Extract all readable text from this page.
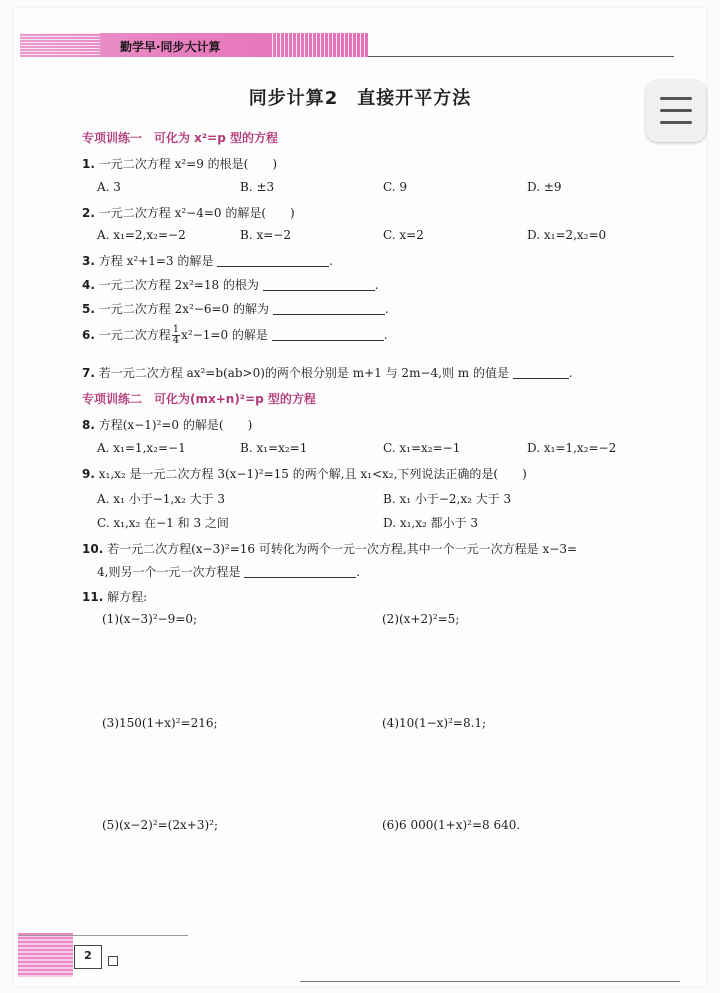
勤学早·同步大计算
同步计算2　直接开平方法
专项训练一　可化为 x²=p 型的方程
1. 一元二次方程 x²=9 的根是(　　)
A. 3	B. ±3	C. 9	D. ±9
2. 一元二次方程 x²−4=0 的解是(　　)
A. x₁=2,x₂=−2	B. x=−2	C. x=2	D. x₁=2,x₂=0
3. 方程 x²+1=3 的解是	.
4. 一元二次方程 2x²=18 的根为	.
5. 一元二次方程 2x²−6=0 的解为	.
6. 一元二次方程 $\frac{1}{4} x^2-1=0$ 的解是	.
7. 若一元二次方程 ax²=b(ab>0)的两个根分别是 m+1 与 2m−4,则 m 的值是	.
专项训练二　可化为(mx+n)²=p 型的方程
8. 方程(x−1)²=0 的解是(　　)
A. x₁=1,x₂=−1	B. x₁=x₂=1	C. x₁=x₂=−1	D. x₁=1,x₂=−2
9. x₁,x₂ 是一元二次方程 3(x−1)²=15 的两个解,且 x₁<x₂,下列说法正确的是(　　)
A. x₁ 小于−1,x₂ 大于 3	B. x₁ 小于−2,x₂ 大于 3
C. x₁,x₂ 在−1 和 3 之间	D. x₁,x₂ 都小于 3
10. 若一元二次方程(x−3)²=16 可转化为两个一元一次方程,其中一个一元一次方程是 x−3=
4,则另一个一元一次方程是	.
11. 解方程:
(1)(x−3)²−9=0;	(2)(x+2)²=5;
(3)150(1+x)²=216;	(4)10(1−x)²=8.1;
(5)(x−2)²=(2x+3)²;	(6)6 000(1+x)²=8 640.
2
